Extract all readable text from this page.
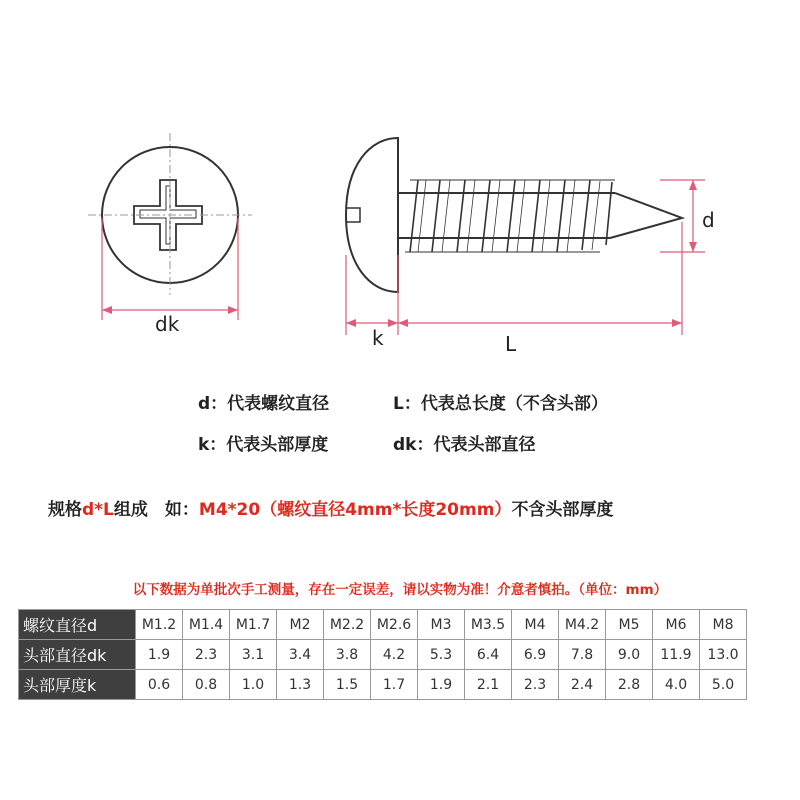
dk
k	L
d
d：代表螺纹直径	L：代表总长度（不含头部）
k：代表头部厚度	dk：代表头部直径
规格d*L组成　如：M4*20（螺纹直径4mm*长度20mm）不含头部厚度
以下数据为单批次手工测量，存在一定误差，请以实物为准！介意者慎拍。（单位：mm）
螺纹直径d	M1.2	M1.4	M1.7	M2	M2.2	M2.6	M3	M3.5	M4	M4.2	M5	M6	M8
头部直径dk	1.9	2.3	3.1	3.4	3.8	4.2	5.3	6.4	6.9	7.8	9.0	11.9	13.0
头部厚度k	0.6	0.8	1.0	1.3	1.5	1.7	1.9	2.1	2.3	2.4	2.8	4.0	5.0
